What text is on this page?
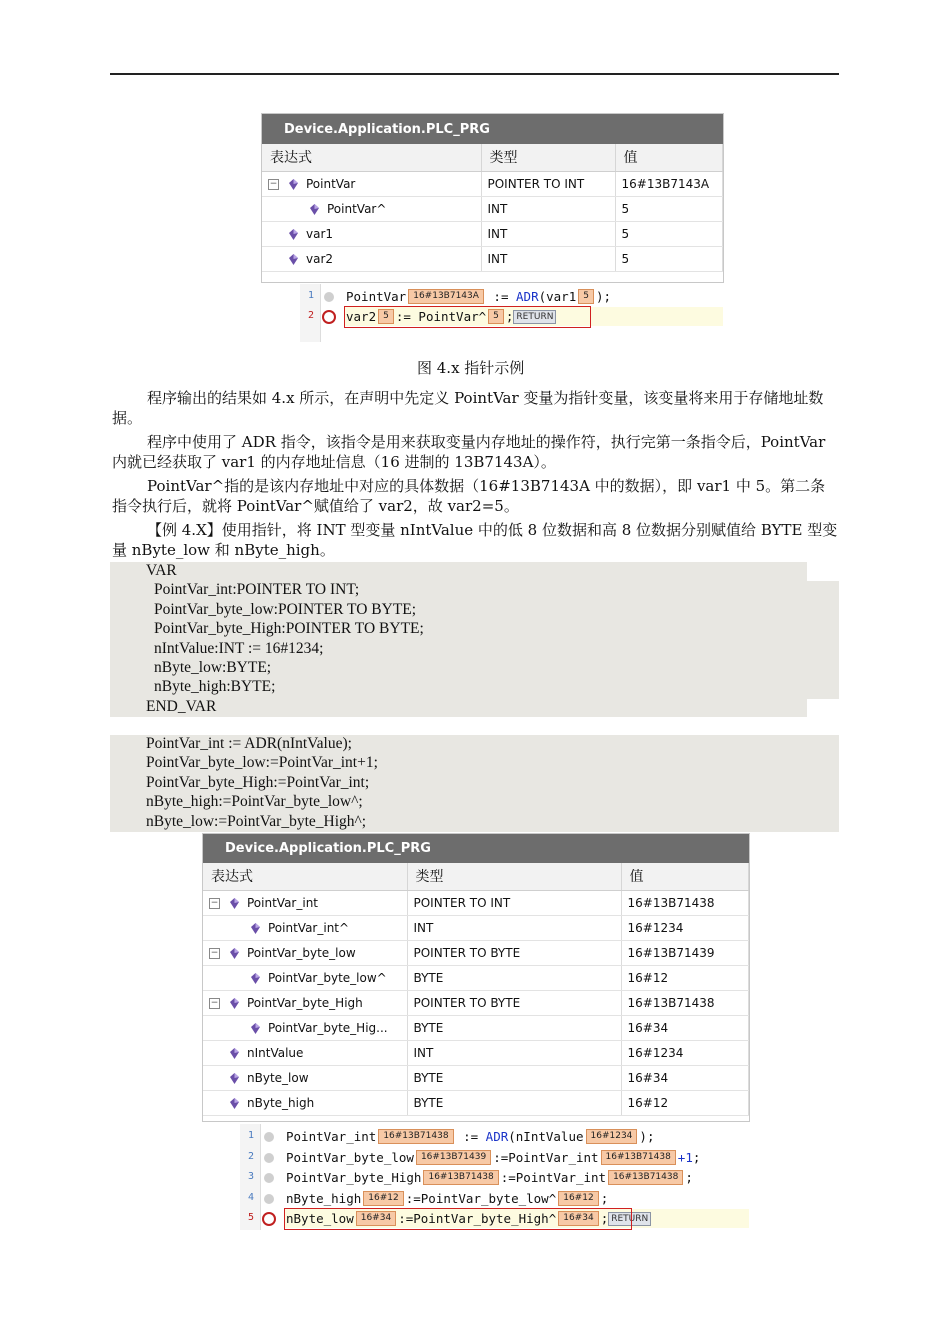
Device.Application.PLC_PRG
表达式	类型	值
− PointVar	POINTER TO INT	16#13B7143A

PointVar^	INT	5

var1	INT	5

var2	INT	5
1	PointVar 16#13B7143A := ADR (var1 5 );
2	var2 5 := PointVar^ 5 ; RETURN
图 4.x 指针示例
程序输出的结果如 4.x 所示，在声明中先定义 PointVar 变量为指针变量，该变量将来用于存储地址数据。
程序中使用了 ADR 指令，该指令是用来获取变量内存地址的操作符，执行完第一条指令后，PointVar 内就已经获取了 var1 的内存地址信息（16 进制的 13B7143A）。
PointVar^指的是该内存地址中对应的具体数据（16#13B7143A 中的数据），即 var1 中 5。第二条指令执行后，就将 PointVar^赋值给了 var2，故 var2=5。
【例 4.X】使用指针，将 INT 型变量 nIntValue 中的低 8 位数据和高 8 位数据分别赋值给 BYTE 型变量 nByte_low 和 nByte_high。
VAR
PointVar_int:POINTER TO INT;
PointVar_byte_low:POINTER TO BYTE;
PointVar_byte_High:POINTER TO BYTE;
nIntValue:INT := 16#1234;
nByte_low:BYTE;
nByte_high:BYTE;
END_VAR
PointVar_int := ADR(nIntValue);
PointVar_byte_low:=PointVar_int+1;
PointVar_byte_High:=PointVar_int;
nByte_high:=PointVar_byte_low^;
nByte_low:=PointVar_byte_High^;
Device.Application.PLC_PRG
表达式	类型	值
− PointVar_int	POINTER TO INT	16#13B71438

PointVar_int^	INT	16#1234
− PointVar_byte_low	POINTER TO BYTE	16#13B71439

PointVar_byte_low^	BYTE	16#12
− PointVar_byte_High	POINTER TO BYTE	16#13B71438

PointVar_byte_Hig...	BYTE	16#34

nIntValue	INT	16#1234

nByte_low	BYTE	16#34

nByte_high	BYTE	16#12
1	PointVar_int 16#13B71438 := ADR (nIntValue 16#1234 );
2	PointVar_byte_low 16#13B71439 :=PointVar_int 16#13B71438 +1 ;
3	PointVar_byte_High 16#13B71438 :=PointVar_int 16#13B71438 ;
4	nByte_high 16#12 :=PointVar_byte_low^ 16#12 ;
5	nByte_low 16#34 :=PointVar_byte_High^ 16#34 ; RETURN
